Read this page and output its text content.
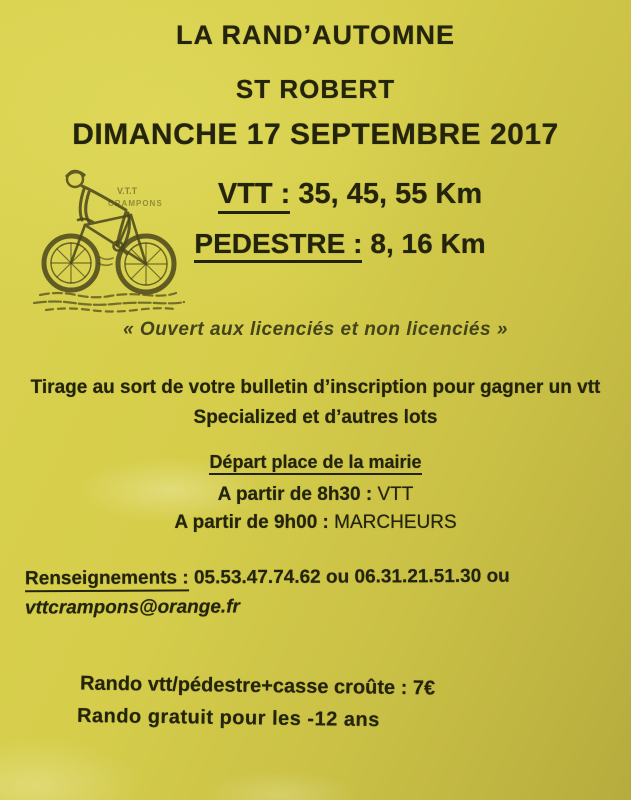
LA RAND’AUTOMNE
ST ROBERT
DIMANCHE 17 SEPTEMBRE 2017
VTT : 35, 45, 55 Km
PEDESTRE : 8, 16 Km
« Ouvert aux licenciés et non licenciés »
Tirage au sort de votre bulletin d’inscription pour gagner un vtt
Specialized et d’autres lots
Départ place de la mairie
A partir de 8h30 : VTT
A partir de 9h00 : MARCHEURS
Renseignements : 05.53.47.74.62 ou 06.31.21.51.30 ou
vttcrampons@orange.fr
Rando vtt/pédestre+casse croûte : 7€
Rando gratuit pour les -12 ans
V.T.T
CRAMPONS
